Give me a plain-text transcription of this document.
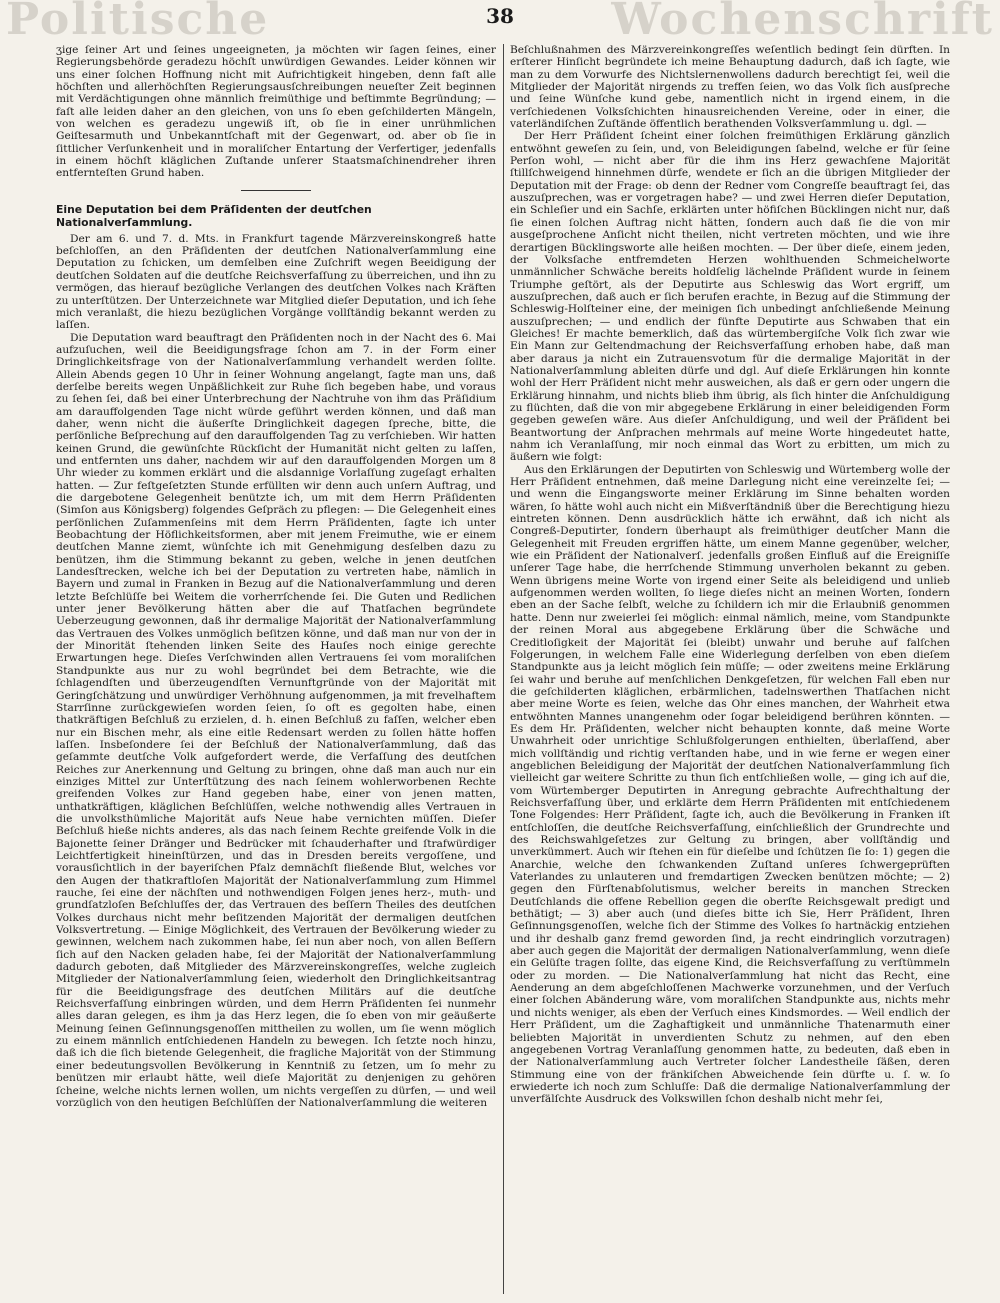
Politische	Wochenschrift
38

ʒige ſeiner Art und ſeines ungeeigneten, ja möchten wir ſagen ſeines, einer Regierungsbehörde geradezu höchſt unwürdigen Gewandes. Leider können wir uns einer ſolchen Hoffnung nicht mit Aufrichtigkeit hingeben, denn faſt alle höchſten und allerhöchſten Regierungsausſchreibungen neueſter Zeit beginnen mit Verdächtigungen ohne männlich freimüthige und beſtimmte Begründung; — faſt alle leiden daher an den gleichen, von uns ſo eben geſchilderten Mängeln, von welchen es geradezu ungewiß iſt, ob ſie in einer unrühmlichen Geiſtesarmuth und Unbekanntſchaft mit der Gegenwart, od. aber ob ſie in ſittlicher Verſunkenheit und in moraliſcher Entartung der Verfertiger, jedenfalls in einem höchſt kläglichen Zuſtande unſerer Staatsmaſchinendreher ihren entfernteſten Grund haben.

Eine Deputation bei dem Präſidenten der deutſchen Nationalverſammlung.

Der am 6. und 7. d. Mts. in Frankfurt tagende Märzvereinskongreß hatte beſchloſſen, an den Präſidenten der deutſchen Nationalverſammlung eine Deputation zu ſchicken, um demſelben eine Zuſchrift wegen Beeidigung der deutſchen Soldaten auf die deutſche Reichsverfaſſung zu überreichen, und ihn zu vermögen, das hierauf bezügliche Verlangen des deutſchen Volkes nach Kräften zu unterſtützen. Der Unterzeichnete war Mitglied dieſer Deputation, und ich ſehe mich veranlaßt, die hiezu bezüglichen Vorgänge vollſtändig bekannt werden zu laſſen.

Die Deputation ward beauftragt den Präſidenten noch in der Nacht des 6. Mai aufzuſuchen, weil die Beeidigungsfrage ſchon am 7. in der Form einer Dringlichkeitsfrage von der Nationalverſammlung verhandelt werden ſollte. Allein Abends gegen 10 Uhr in ſeiner Wohnung angelangt, ſagte man uns, daß derſelbe bereits wegen Unpäßlichkeit zur Ruhe ſich begeben habe, und voraus zu ſehen ſei, daß bei einer Unterbrechung der Nachtruhe von ihm das Präſidium am darauffolgenden Tage nicht würde geführt werden können, und daß man daher, wenn nicht die äußerſte Dringlichkeit dagegen ſpreche, bitte, die perſönliche Beſprechung auf den darauffolgenden Tag zu verſchieben. Wir hatten keinen Grund, die gewünſchte Rückſicht der Humanität nicht gelten zu laſſen, und entfernten uns daher, nachdem wir auf den darauffolgenden Morgen um 8 Uhr wieder zu kommen erklärt und die alsdannige Vorlaſſung zugeſagt erhalten hatten. — Zur feſtgeſetzten Stunde erfüllten wir denn auch unſern Auftrag, und die dargebotene Gelegenheit benützte ich, um mit dem Herrn Präſidenten (Simſon aus Königsberg) folgendes Geſpräch zu pflegen: — Die Gelegenheit eines perſönlichen Zuſammenſeins mit dem Herrn Präſidenten, ſagte ich unter Beobachtung der Höflichkeitsformen, aber mit jenem Freimuthe, wie er einem deutſchen Manne ziemt, wünſchte ich mit Genehmigung desſelben dazu zu benützen, ihm die Stimmung bekannt zu geben, welche in jenen deutſchen Landesſtrecken, welche ich bei der Deputation zu vertreten habe, nämlich in Bayern und zumal in Franken in Bezug auf die Nationalverſammlung und deren letzte Beſchlüſſe bei Weitem die vorherrſchende ſei. Die Guten und Redlichen unter jener Bevölkerung hätten aber die auf Thatſachen begründete Ueberzeugung gewonnen, daß ihr dermalige Majorität der Nationalverſammlung das Vertrauen des Volkes unmöglich beſitzen könne, und daß man nur von der in der Minorität ſtehenden linken Seite des Hauſes noch einige gerechte Erwartungen hege. Dieſes Verſchwinden allen Vertrauens ſei vom moraliſchen Standpunkte aus nur zu wohl begründet bei dem Betrachte, wie die ſchlagendſten und überzeugendſten Vernunftgründe von der Majorität mit Geringſchätzung und unwürdiger Verhöhnung aufgenommen, ja mit frevelhaftem Starrſinne zurückgewieſen worden ſeien, ſo oft es gegolten habe, einen thatkräftigen Beſchluß zu erzielen, d. h. einen Beſchluß zu faſſen, welcher eben nur ein Bischen mehr, als eine eitle Redensart werden zu ſollen hätte hoffen laſſen. Insbeſondere ſei der Beſchluß der Nationalverſammlung, daß das geſammte deutſche Volk aufgefordert werde, die Verfaſſung des deutſchen Reiches zur Anerkennung und Geltung zu bringen, ohne daß man auch nur ein einziges Mittel zur Unterſtützung des nach ſeinem wohlerworbenen Rechte greifenden Volkes zur Hand gegeben habe, einer von jenen matten, unthatkräftigen, kläglichen Beſchlüſſen, welche nothwendig alles Vertrauen in die unvolksthümliche Majorität aufs Neue habe vernichten müſſen. Dieſer Beſchluß hieße nichts anderes, als das nach ſeinem Rechte greifende Volk in die Bajonette ſeiner Dränger und Bedrücker mit ſchauderhafter und ſtrafwürdiger Leichtfertigkeit hineinſtürzen, und das in Dresden bereits vergoſſene, und vorausſichtlich in der bayeriſchen Pfalz demnächſt fließende Blut, welches vor den Augen der thatkraftloſen Majorität der Nationalverſammlung zum Himmel rauche, ſei eine der nächſten und nothwendigen Folgen jenes herz-, muth- und grundſatzloſen Beſchluſſes der, das Vertrauen des beſſern Theiles des deutſchen Volkes durchaus nicht mehr beſitzenden Majorität der dermaligen deutſchen Volksvertretung. — Einige Möglichkeit, des Vertrauen der Bevölkerung wieder zu gewinnen, welchem nach zukommen habe, ſei nun aber noch, von allen Beſſern ſich auf den Nacken geladen habe, ſei der Majorität der Nationalverſammlung dadurch geboten, daß Mitglieder des Märzvereinskongreſſes, welche zugleich Mitglieder der Nationalverſammlung ſeien, wiederholt den Dringlichkeitsantrag für die Beeidigungsfrage des deutſchen Militärs auf die deutſche Reichsverfaſſung einbringen würden, und dem Herrn Präſidenten ſei nunmehr alles daran gelegen, es ihm ja das Herz legen, die ſo eben von mir geäußerte Meinung ſeinen Geſinnungsgenoſſen mittheilen zu wollen, um ſie wenn möglich zu einem männlich entſchiedenen Handeln zu bewegen. Ich ſetzte noch hinzu, daß ich die ſich bietende Gelegenheit, die fragliche Majorität von der Stimmung einer bedeutungsvollen Bevölkerung in Kenntniß zu ſetzen, um ſo mehr zu benützen mir erlaubt hätte, weil dieſe Majorität zu denjenigen zu gehören ſcheine, welche nichts lernen wollen, um nichts vergeſſen zu dürfen, — und weil vorzüglich von den heutigen Beſchlüſſen der Nationalverſammlung die weiteren

Beſchlußnahmen des Märzvereinkongreſſes weſentlich bedingt ſein dürften. In erſterer Hinſicht begründete ich meine Behauptung dadurch, daß ich ſagte, wie man zu dem Vorwurfe des Nichtslernenwollens dadurch berechtigt ſei, weil die Mitglieder der Majorität nirgends zu treffen ſeien, wo das Volk ſich ausſpreche und ſeine Wünſche kund gebe, namentlich nicht in irgend einem, in die verſchiedenen Volksſchichten hinausreichenden Vereine, oder in einer, die vaterländiſchen Zuſtände öffentlich berathenden Volksverſammlung u. dgl. —

Der Herr Präſident ſcheint einer ſolchen freimüthigen Erklärung gänzlich entwöhnt geweſen zu ſein, und, von Beleidigungen ſabelnd, welche er für ſeine Perſon wohl, — nicht aber für die ihm ins Herz gewachſene Majorität ſtillſchweigend hinnehmen dürfe, wendete er ſich an die übrigen Mitglieder der Deputation mit der Frage: ob denn der Redner vom Congreſſe beauftragt ſei, das auszuſprechen, was er vorgetragen habe? — und zwei Herren dieſer Deputation, ein Schleſier und ein Sachſe, erklärten unter höfiſchen Bücklingen nicht nur, daß ſie einen ſolchen Auftrag nicht hätten, ſondern auch daß ſie die von mir ausgeſprochene Anſicht nicht theilen, nicht vertreten möchten, und wie ihre derartigen Bücklingsworte alle heißen mochten. — Der über dieſe, einem jeden, der Volksſache entfremdeten Herzen wohlthuenden Schmeichelworte unmännlicher Schwäche bereits holdſelig lächelnde Präſident wurde in ſeinem Triumphe geſtört, als der Deputirte aus Schleswig das Wort ergriff, um auszuſprechen, daß auch er ſich berufen erachte, in Bezug auf die Stimmung der Schleswig-Holſteiner eine, der meinigen ſich unbedingt anſchließende Meinung auszuſprechen; — und endlich der fünfte Deputirte aus Schwaben that ein Gleiches! Er machte bemerklich, daß das würtembergiſche Volk ſich zwar wie Ein Mann zur Geltendmachung der Reichsverfaſſung erhoben habe, daß man aber daraus ja nicht ein Zutrauensvotum für die dermalige Majorität in der Nationalverſammlung ableiten dürfe und dgl. Auf dieſe Erklärungen hin konnte wohl der Herr Präſident nicht mehr ausweichen, als daß er gern oder ungern die Erklärung hinnahm, und nichts blieb ihm übrig, als ſich hinter die Anſchuldigung zu flüchten, daß die von mir abgegebene Erklärung in einer beleidigenden Form gegeben geweſen wäre. Aus dieſer Anſchuldigung, und weil der Präſident bei Beantwortung der Anſprachen mehrmals auf meine Worte hingedeutet hatte, nahm ich Veranlaſſung, mir noch einmal das Wort zu erbitten, um mich zu äußern wie folgt:

Aus den Erklärungen der Deputirten von Schleswig und Würtemberg wolle der Herr Präſident entnehmen, daß meine Darlegung nicht eine vereinzelte ſei; — und wenn die Eingangsworte meiner Erklärung im Sinne behalten worden wären, ſo hätte wohl auch nicht ein Mißverſtändniß über die Berechtigung hiezu eintreten können. Denn ausdrücklich hätte ich erwähnt, daß ich nicht als Congreß-Deputirter, ſondern überhaupt als freimüthiger deutſcher Mann die Gelegenheit mit Freuden ergriffen hätte, um einem Manne gegenüber, welcher, wie ein Präſident der Nationalverſ. jedenfalls großen Einfluß auf die Ereigniſſe unſerer Tage habe, die herrſchende Stimmung unverholen bekannt zu geben. Wenn übrigens meine Worte von irgend einer Seite als beleidigend und unlieb aufgenommen werden wollten, ſo liege dieſes nicht an meinen Worten, ſondern eben an der Sache ſelbſt, welche zu ſchildern ich mir die Erlaubniß genommen hatte. Denn nur zweierlei ſei möglich: einmal nämlich, meine, vom Standpunkte der reinen Moral aus abgegebene Erklärung über die Schwäche und Creditloſigkeit der Majorität ſei (bleibt) unwahr und beruhe auf falſchen Folgerungen, in welchem Falle eine Widerlegung derſelben von eben dieſem Standpunkte aus ja leicht möglich ſein müſſe; — oder zweitens meine Erklärung ſei wahr und beruhe auf menſchlichen Denkgeſetzen, für welchen Fall eben nur die geſchilderten kläglichen, erbärmlichen, tadelnswerthen Thatſachen nicht aber meine Worte es ſeien, welche das Ohr eines manchen, der Wahrheit etwa entwöhnten Mannes unangenehm oder ſogar beleidigend berühren könnten. — Es dem Hr. Präſidenten, welcher nicht behaupten konnte, daß meine Worte Unwahrheit oder unrichtige Schlußfolgerungen enthielten, überlaſſend, aber mich vollſtändig und richtig verſtanden habe, und in wie ferne er wegen einer angeblichen Beleidigung der Majorität der deutſchen Nationalverſammlung ſich vielleicht gar weitere Schritte zu thun ſich entſchließen wolle, — ging ich auf die, vom Würtemberger Deputirten in Anregung gebrachte Aufrechthaltung der Reichsverfaſſung über, und erklärte dem Herrn Präſidenten mit entſchiedenem Tone Folgendes: Herr Präſident, ſagte ich, auch die Bevölkerung in Franken iſt entſchloſſen, die deutſche Reichsverfaſſung, einſchließlich der Grundrechte und des Reichswahlgeſetzes zur Geltung zu bringen, aber vollſtändig und unverkümmert. Auch wir ſtehen ein für dieſelbe und ſchützen ſie ſo: 1) gegen die Anarchie, welche den ſchwankenden Zuſtand unſeres ſchwergeprüften Vaterlandes zu unlauteren und fremdartigen Zwecken benützen möchte; — 2) gegen den Fürſtenabſolutismus, welcher bereits in manchen Strecken Deutſchlands die offene Rebellion gegen die oberſte Reichsgewalt predigt und bethätigt; — 3) aber auch (und dieſes bitte ich Sie, Herr Präſident, Ihren Geſinnungsgenoſſen, welche ſich der Stimme des Volkes ſo hartnäckig entziehen und ihr deshalb ganz fremd geworden ſind, ja recht eindringlich vorzutragen) aber auch gegen die Majorität der dermaligen Nationalverſammlung, wenn dieſe ein Gelüſte tragen ſollte, das eigene Kind, die Reichsverfaſſung zu verſtümmeln oder zu morden. — Die Nationalverſammlung hat nicht das Recht, eine Aenderung an dem abgeſchloſſenen Machwerke vorzunehmen, und der Verſuch einer ſolchen Abänderung wäre, vom moraliſchen Standpunkte aus, nichts mehr und nichts weniger, als eben der Verſuch eines Kindsmordes. — Weil endlich der Herr Präſident, um die Zaghaftigkeit und unmännliche Thatenarmuth einer beliebten Majorität in unverdienten Schutz zu nehmen, auf den eben angegebenen Vortrag Veranlaſſung genommen hatte, zu bedeuten, daß eben in der Nationalverſammlung auch Vertreter ſolcher Landestheile ſäßen, deren Stimmung eine von der fränkiſchen Abweichende ſein dürfte u. ſ. w. ſo erwiederte ich noch zum Schluſſe: Daß die dermalige Nationalverſammlung der unverfälſchte Ausdruck des Volkswillen ſchon deshalb nicht mehr ſei,
